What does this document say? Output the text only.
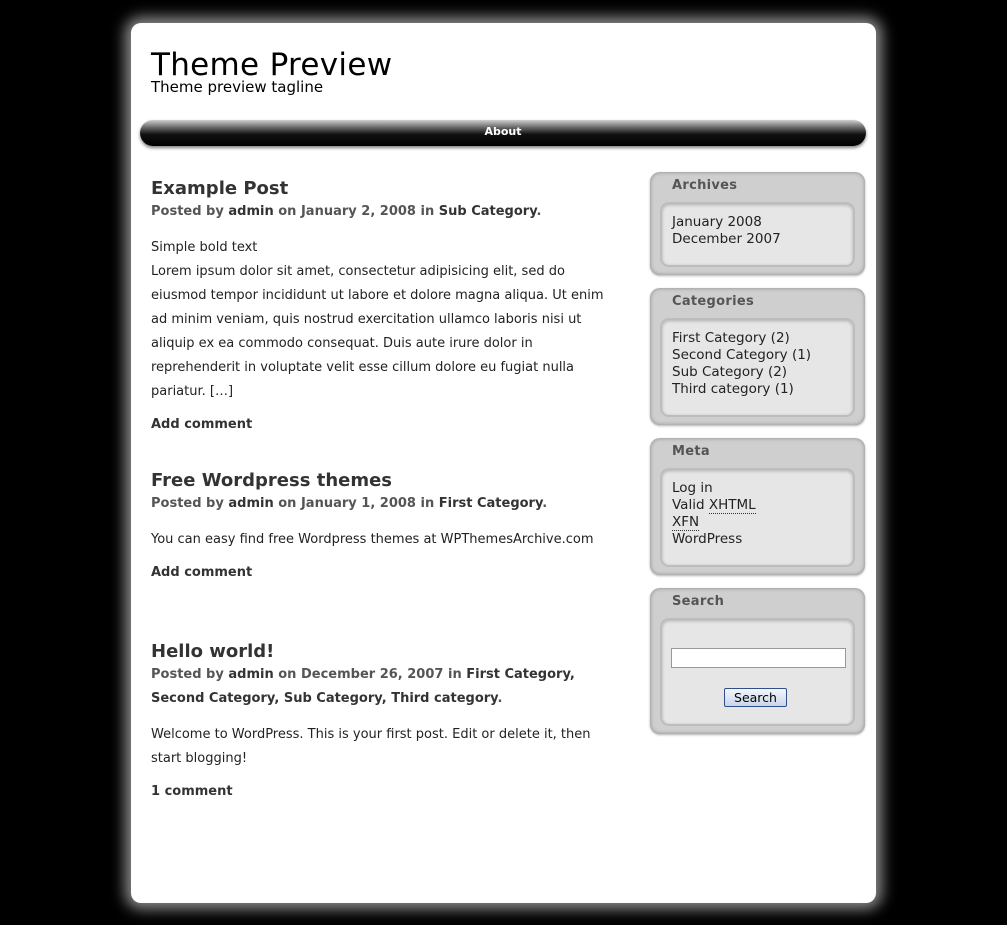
Theme Preview
Theme preview tagline
About
Example Post
Posted by admin on January 2, 2008 in Sub Category.

Simple bold text

Lorem ipsum dolor sit amet, consectetur adipisicing elit, sed do eiusmod tempor incididunt ut labore et dolore magna aliqua. Ut enim ad minim veniam, quis nostrud exercitation ullamco laboris nisi ut aliquip ex ea commodo consequat. Duis aute irure dolor in reprehenderit in voluptate velit esse cillum dolore eu fugiat nulla pariatur. […]

Add comment
Free Wordpress themes
Posted by admin on January 1, 2008 in First Category.

You can easy find free Wordpress themes at WPThemesArchive.com

Add comment
Hello world!
Posted by admin on December 26, 2007 in First Category, Second Category, Sub Category, Third category.

Welcome to WordPress. This is your first post. Edit or delete it, then start blogging!

1 comment
Archives
January 2008
December 2007
Categories
First Category (2)
Second Category (1)
Sub Category (2)
Third category (1)
Meta
Log in
Valid XHTML
XFN
WordPress
Search
Search
